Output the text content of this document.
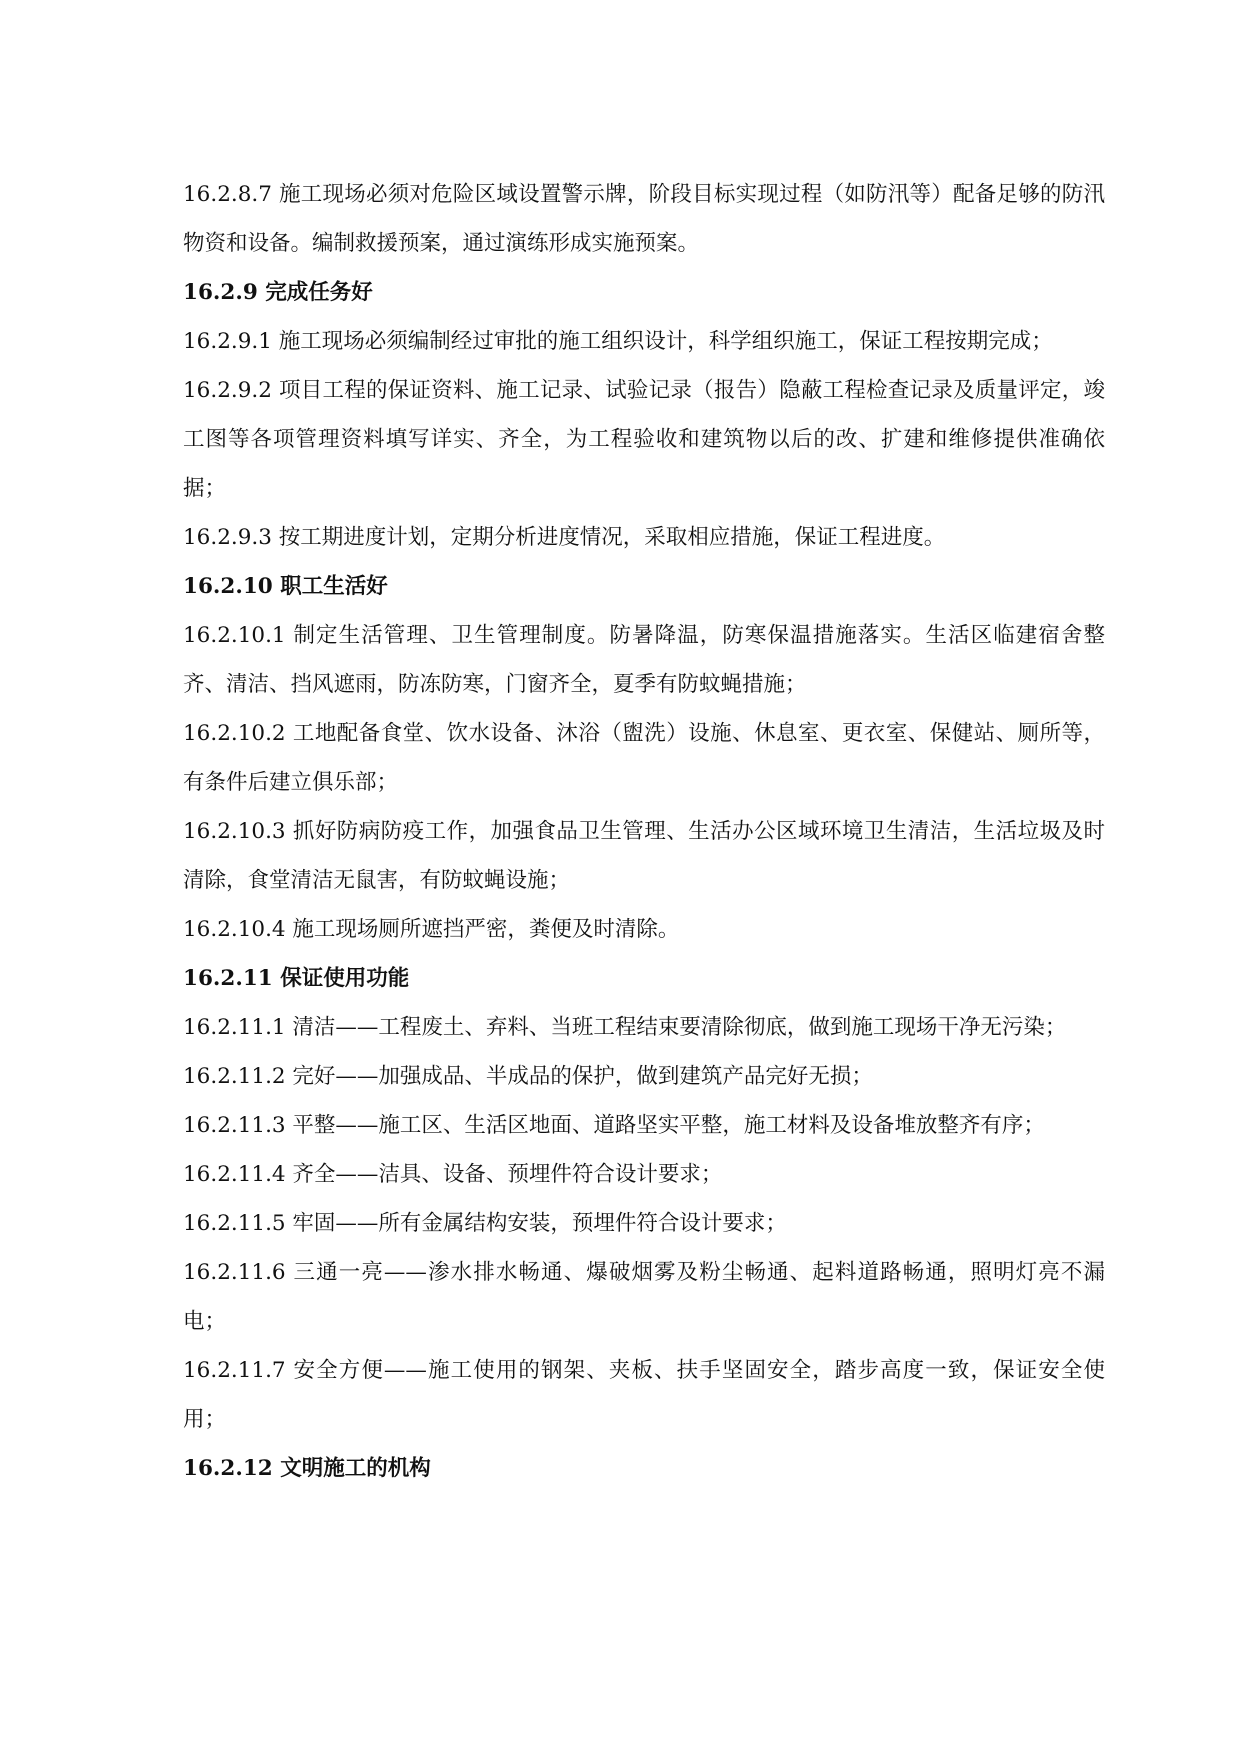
16.2.8.7 施工现场必须对危险区域设置警示牌，阶段目标实现过程（如防汛等）配备足够的防汛物资和设备。编制救援预案，通过演练形成实施预案。

16.2.9 完成任务好

16.2.9.1 施工现场必须编制经过审批的施工组织设计，科学组织施工，保证工程按期完成；

16.2.9.2 项目工程的保证资料、施工记录、试验记录（报告）隐蔽工程检查记录及质量评定，竣工图等各项管理资料填写详实、齐全，为工程验收和建筑物以后的改、扩建和维修提供准确依据；

16.2.9.3 按工期进度计划，定期分析进度情况，采取相应措施，保证工程进度。

16.2.10 职工生活好

16.2.10.1 制定生活管理、卫生管理制度。防暑降温，防寒保温措施落实。生活区临建宿舍整齐、清洁、挡风遮雨，防冻防寒，门窗齐全，夏季有防蚊蝇措施；

16.2.10.2 工地配备食堂、饮水设备、沐浴（盥洗）设施、休息室、更衣室、保健站、厕所等，有条件后建立俱乐部；

16.2.10.3 抓好防病防疫工作，加强食品卫生管理、生活办公区域环境卫生清洁，生活垃圾及时清除，食堂清洁无鼠害，有防蚊蝇设施；

16.2.10.4 施工现场厕所遮挡严密，粪便及时清除。

16.2.11 保证使用功能

16.2.11.1 清洁——工程废土、弃料、当班工程结束要清除彻底，做到施工现场干净无污染；

16.2.11.2 完好——加强成品、半成品的保护，做到建筑产品完好无损；

16.2.11.3 平整——施工区、生活区地面、道路坚实平整，施工材料及设备堆放整齐有序；

16.2.11.4 齐全——洁具、设备、预埋件符合设计要求；

16.2.11.5 牢固——所有金属结构安装，预埋件符合设计要求；

16.2.11.6 三通一亮——渗水排水畅通、爆破烟雾及粉尘畅通、起料道路畅通，照明灯亮不漏电；

16.2.11.7 安全方便——施工使用的钢架、夹板、扶手坚固安全，踏步高度一致，保证安全使用；

16.2.12 文明施工的机构
